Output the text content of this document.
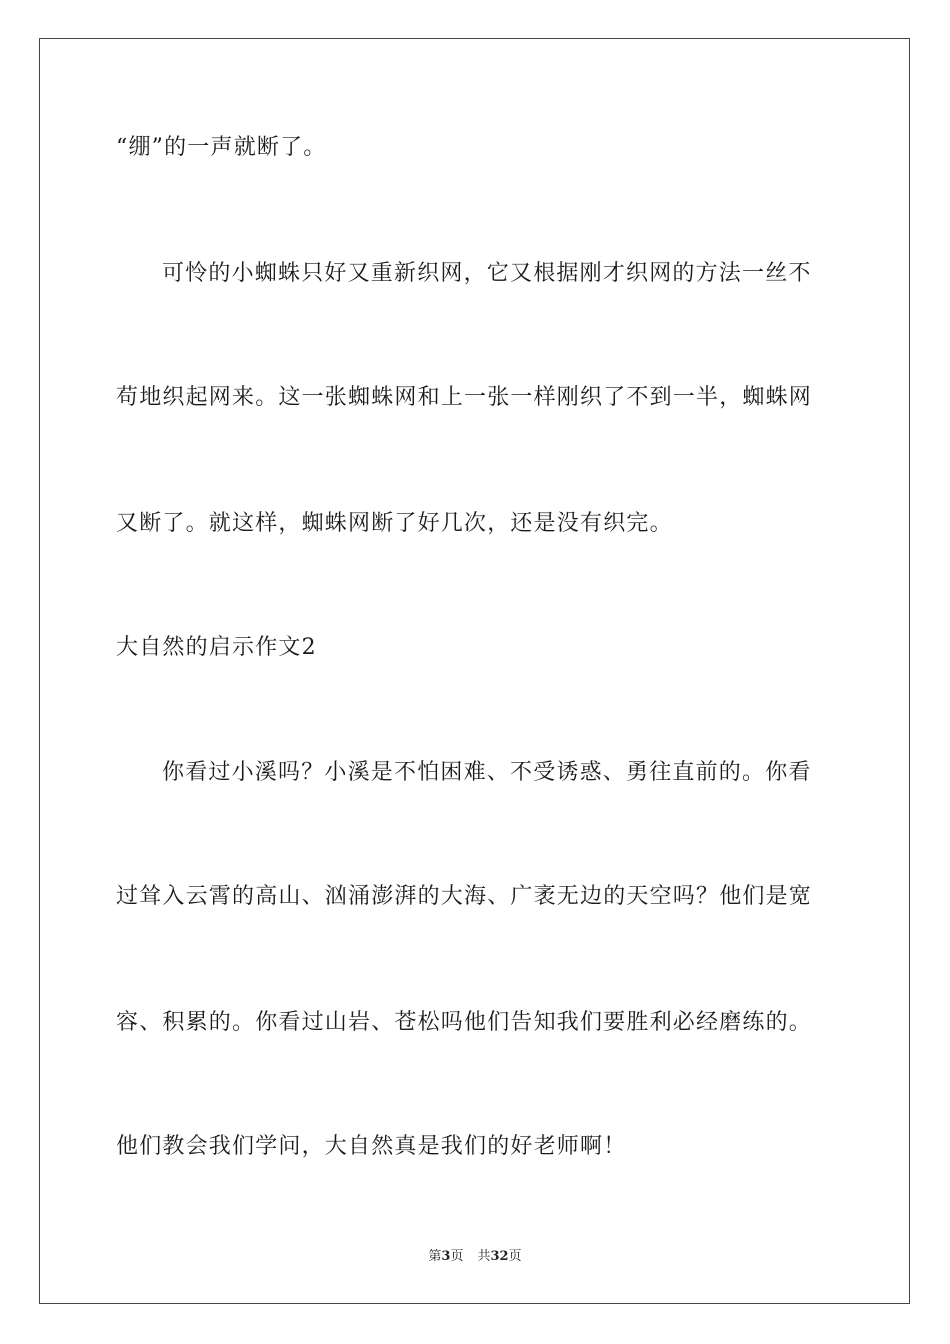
“绷”的一声就断了。
可怜的小蜘蛛只好又重新织网，它又根据刚才织网的方法一丝不
苟地织起网来。这一张蜘蛛网和上一张一样刚织了不到一半，蜘蛛网
又断了。就这样，蜘蛛网断了好几次，还是没有织完。
大自然的启示作文2
你看过小溪吗？小溪是不怕困难、不受诱惑、勇往直前的。你看
过耸入云霄的高山、汹涌澎湃的大海、广袤无边的天空吗？他们是宽
容、积累的。你看过山岩、苍松吗他们告知我们要胜利必经磨练的。
他们教会我们学问，大自然真是我们的好老师啊！
第3页 共32页
